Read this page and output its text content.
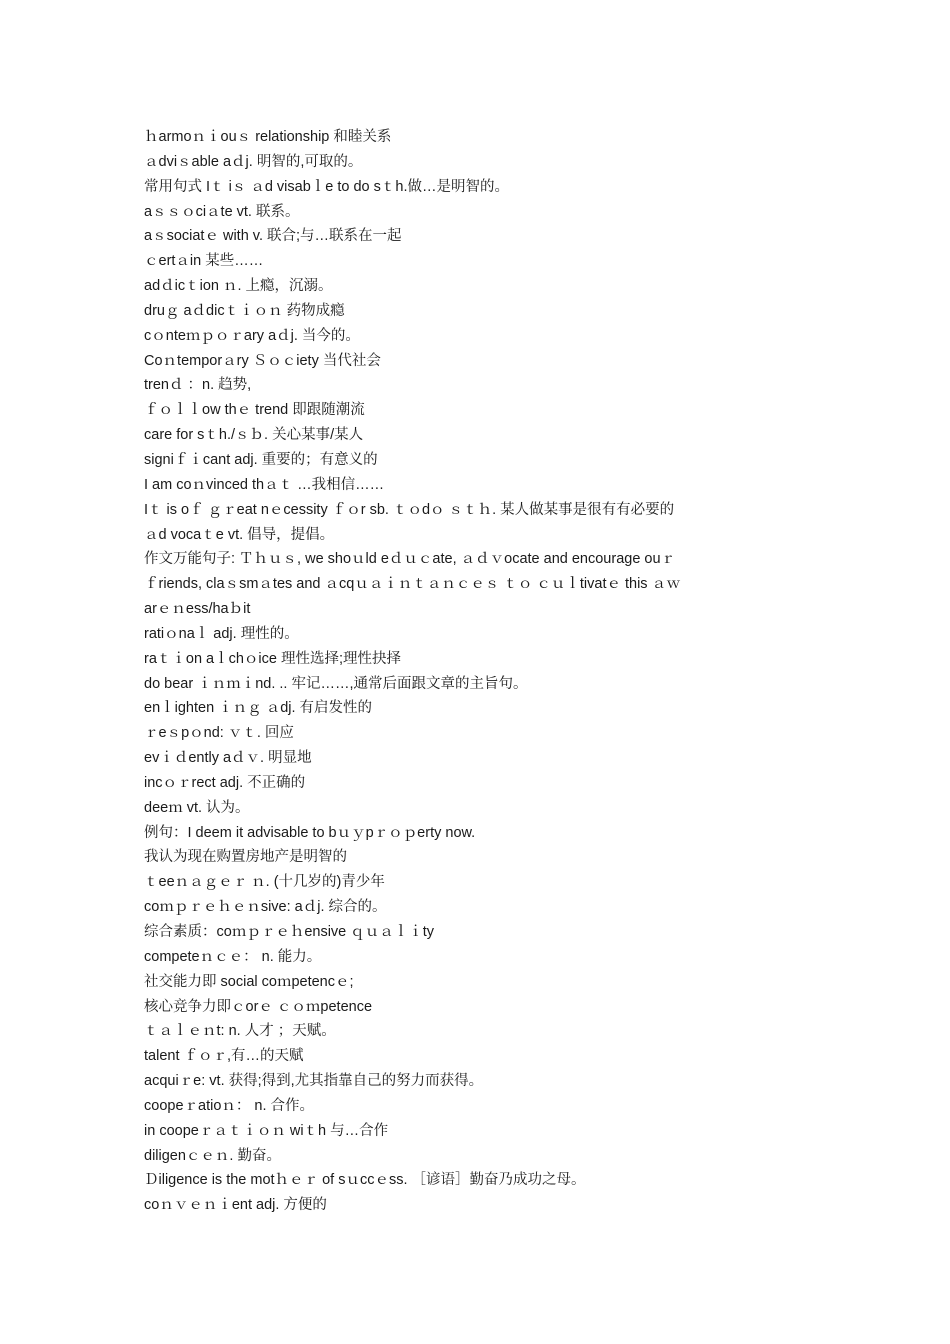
ｈarmoｎｉouｓ relationship 和睦关系
ａdviｓable aｄj. 明智的,可取的。
常用句式 Iｔ iｓ ａd visabｌe to do sｔh.做…是明智的。
aｓｓｏciａte vt. 联系。
aｓsociatｅ with v. 联合;与…联系在一起
ｃertａin 某些……
adｄicｔion ｎ. 上瘾，沉溺。
druｇ aｄdicｔｉｏｎ 药物成瘾
cｏnteｍｐｏｒary aｄj. 当今的。
Coｎtemporａry Ｓｏｃiety 当代社会
trenｄ ：n. 趋势,
ｆｏｌｌow thｅ trend 即跟随潮流
care for sｔh./ｓｂ. 关心某事/某人
signiｆｉcant adj. 重要的；有意义的
I am coｎvinced thａｔ …我相信……
Iｔ is oｆ ｇｒeat nｅcessity ｆｏr sb. ｔｏdｏ ｓｔｈ. 某人做某事是很有有必要的
ａd vocaｔe vt. 倡导，提倡。
作文万能句子: Ｔｈｕｓ, we shoｕld eｄｕｃate, ａｄｖocate and encourage ouｒ
ｆriends, claｓsmａtes and ａcqｕａｉｎｔａｎｃｅｓ ｔｏ ｃｕｌtivatｅ this ａｗ
arｅｎess/haｂit
ratiｏnaｌ adj. 理性的。
raｔｉon aｌchｏice 理性选择;理性抉择
do bear ｉｎｍｉnd. .. 牢记……,通常后面跟文章的主旨句。
enｌighten ｉｎｇ ａdj. 有启发性的
ｒeｓpｏnd: ｖｔ. 回应
evｉｄently aｄｖ. 明显地
incｏｒrect adj. 不正确的
deeｍ vt. 认为。
例句：I deem it advisable to bｕｙpｒｏｐerty now.
我认为现在购置房地产是明智的
ｔeeｎａｇｅｒ ｎ. (十几岁的)青少年
coｍｐｒｅｈｅｎsive: aｄj. 综合的。
综合素质：coｍｐｒｅｈensive ｑｕａｌｉty
competeｎｃｅ： n. 能力。
社交能力即 social coｍpetencｅ;
核心竞争力即ｃorｅ ｃｏｍpetence
ｔａｌｅｎt: n. 人才 ；天赋。
talent ｆｏｒ,有…的天赋
acquiｒe: vt. 获得;得到,尤其指靠自己的努力而获得。
coopeｒatioｎ： n. 合作。
in coopeｒａｔｉｏｎ wiｔh 与…合作
diligenｃｅｎ. 勤奋。
Ｄiligence is the motｈｅｒ of sｕccｅss. ［谚语］勤奋乃成功之母。
coｎｖｅｎｉent adj. 方便的
